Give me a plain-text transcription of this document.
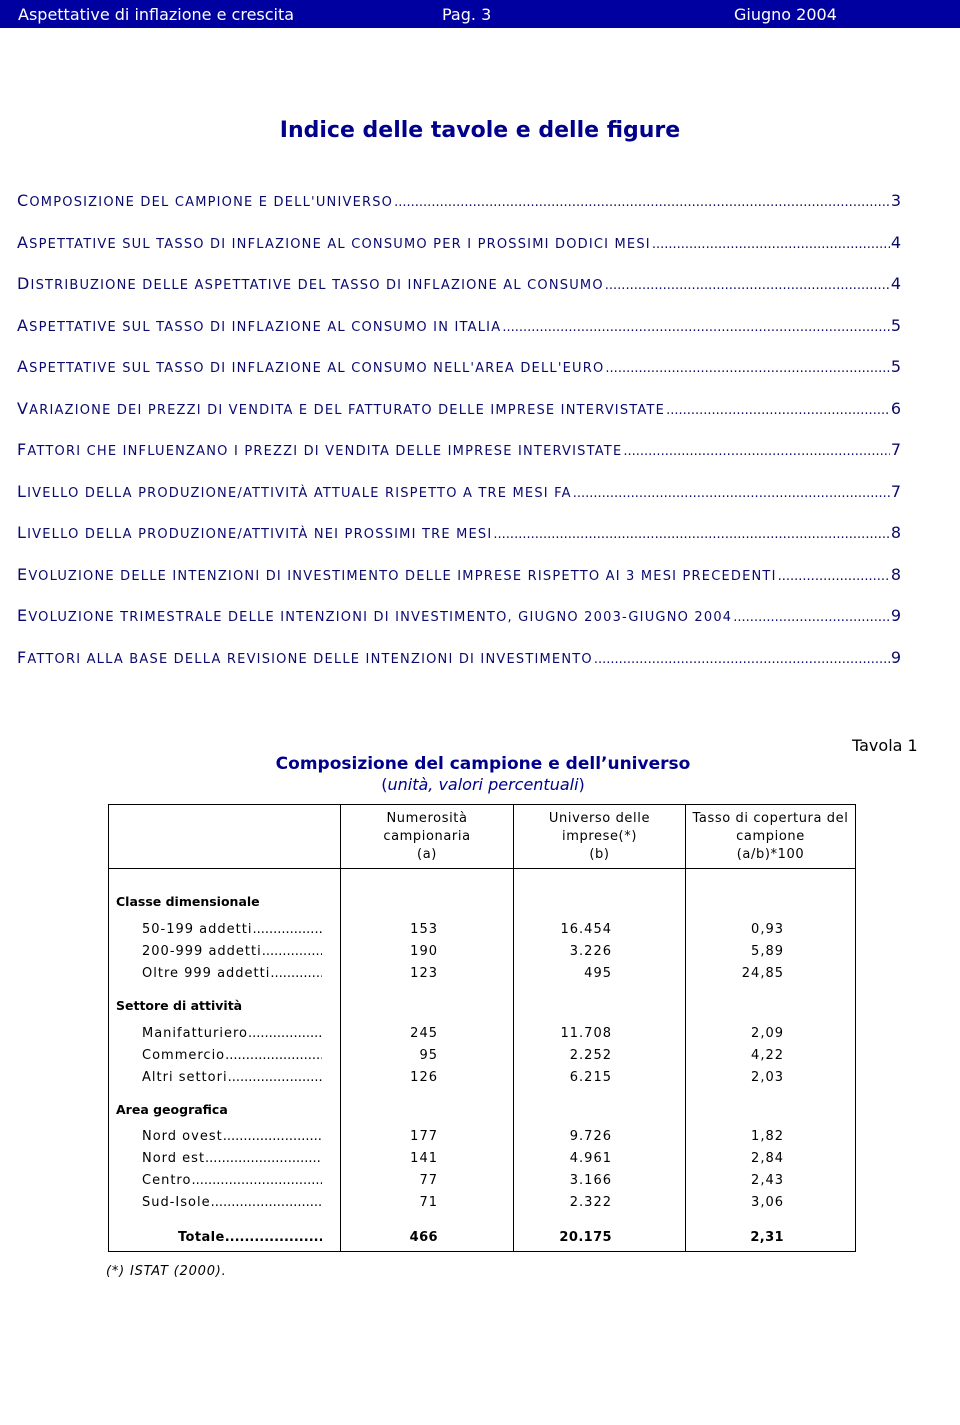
Aspettative di inflazione e crescita	Pag. 3	Giugno 2004
Indice delle tavole e delle figure
COMPOSIZIONE DEL CAMPIONE E DELL'UNIVERSO .....	3
ASPETTATIVE SUL TASSO DI INFLAZIONE AL CONSUMO PER I PROSSIMI DODICI MESI .....	4
DISTRIBUZIONE DELLE ASPETTATIVE DEL TASSO DI INFLAZIONE AL CONSUMO .....	4
ASPETTATIVE SUL TASSO DI INFLAZIONE AL CONSUMO IN ITALIA .....	5
ASPETTATIVE SUL TASSO DI INFLAZIONE AL CONSUMO NELL'AREA DELL'EURO .....	5
VARIAZIONE DEI PREZZI DI VENDITA E DEL FATTURATO DELLE IMPRESE INTERVISTATE .....	6
FATTORI CHE INFLUENZANO I PREZZI DI VENDITA DELLE IMPRESE INTERVISTATE .....	7
LIVELLO DELLA PRODUZIONE/ATTIVITÀ ATTUALE RISPETTO A TRE MESI FA .....	7
LIVELLO DELLA PRODUZIONE/ATTIVITÀ NEI PROSSIMI TRE MESI .....	8
EVOLUZIONE DELLE INTENZIONI DI INVESTIMENTO DELLE IMPRESE RISPETTO AI 3 MESI PRECEDENTI .....	8
EVOLUZIONE TRIMESTRALE DELLE INTENZIONI DI INVESTIMENTO, GIUGNO 2003-GIUGNO 2004 .....	9
FATTORI ALLA BASE DELLA REVISIONE DELLE INTENZIONI DI INVESTIMENTO .....	9
Tavola 1
Composizione del campione e dell’universo
(unità, valori percentuali)
Numerosità
campionaria
(a)
Universo delle
imprese(*)
(b)
Tasso di copertura del
campione
(a/b)*100
Classe dimensionale
50-199 addetti .....	153	16.454	0,93
200-999 addetti .....	190	3.226	5,89
Oltre 999 addetti .....	123	495	24,85
Settore di attività
Manifatturiero .....	245	11.708	2,09
Commercio .....	95	2.252	4,22
Altri settori .....	126	6.215	2,03
Area geografica
Nord ovest .....	177	9.726	1,82
Nord est .....	141	4.961	2,84
Centro .....	77	3.166	2,43
Sud-Isole .....	71	2.322	3,06
Totale .....	466	20.175	2,31
(*) ISTAT (2000).
